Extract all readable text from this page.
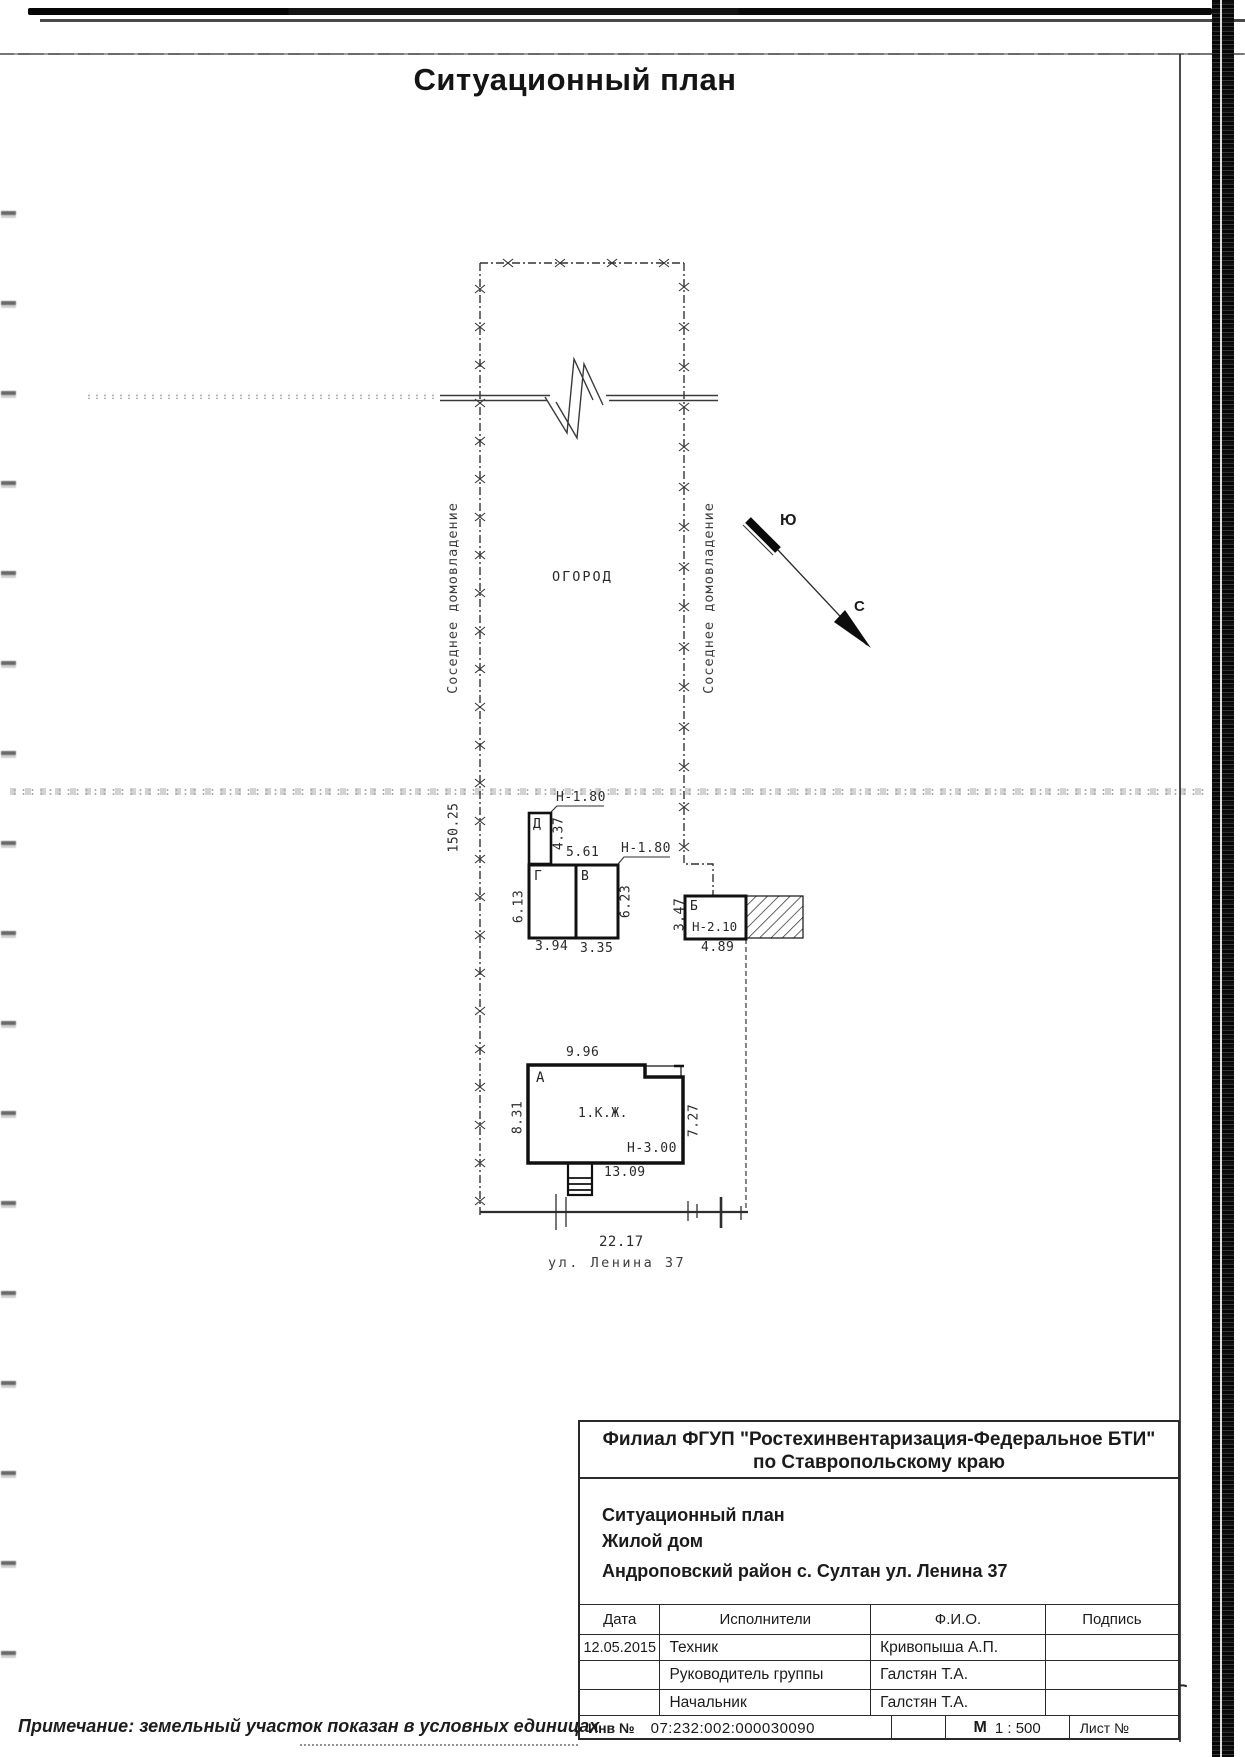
Ситуационный план
ОГОРОД
Соседнее домовладение	Соседнее домовладение
150.25
Ю
С
Д
Н-1.80
4.37
Г	В
5.61 Н-1.80
6.13	6.23
3.94 3.35
Б
Н-2.10
3.47
4.89
А
1.К.Ж.
Н-3.00
9.96
8.31	7.27
13.09
22.17
ул. Ленина 37
Филиал ФГУП "Ростехинвентаризация-Федеральное БТИ"
по Ставропольскому краю
Ситуационный план
Жилой дом
Андроповский район с. Султан ул. Ленина 37
Дата	Исполнители	Ф.И.О.	Подпись
12.05.2015 Техник	Кривопыша А.П.
Руководитель группы	Галстян Т.А.
Начальник	Галстян Т.А.
Инв № 07:232:002:000030090	М 1 : 500	Лист №
Примечание: земельный участок показан в условных единицах
